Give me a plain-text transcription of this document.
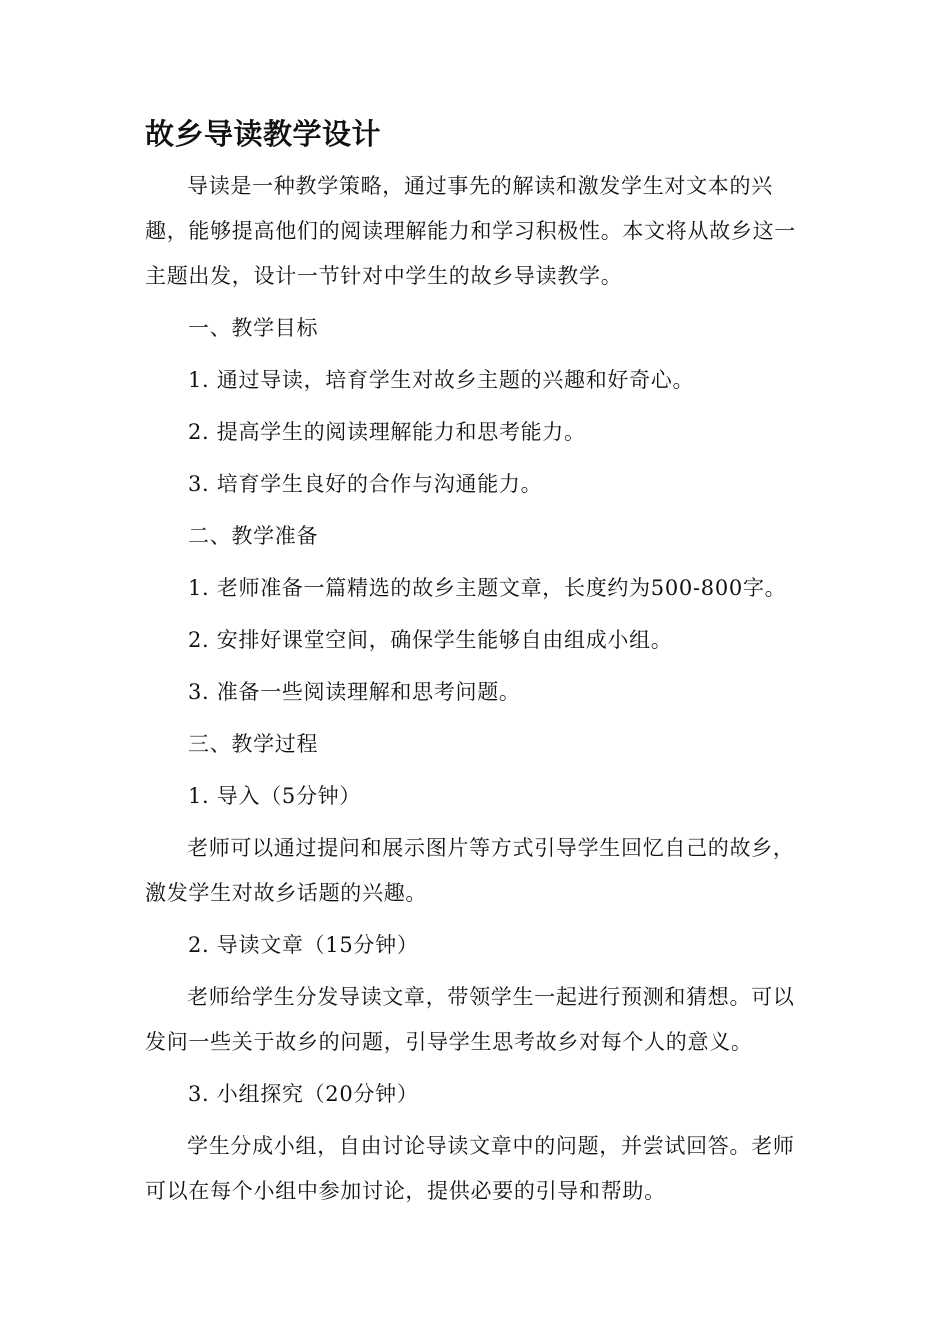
故乡导读教学设计

导读是一种教学策略，通过事先的解读和激发学生对文本的兴趣，能够提高他们的阅读理解能力和学习积极性。本文将从故乡这一主题出发，设计一节针对中学生的故乡导读教学。

一、教学目标
1. 通过导读，培育学生对故乡主题的兴趣和好奇心。
2. 提高学生的阅读理解能力和思考能力。
3. 培育学生良好的合作与沟通能力。
二、教学准备
1. 老师准备一篇精选的故乡主题文章，长度约为500-800字。
2. 安排好课堂空间，确保学生能够自由组成小组。
3. 准备一些阅读理解和思考问题。
三、教学过程
1. 导入（5分钟）

老师可以通过提问和展示图片等方式引导学生回忆自己的故乡，激发学生对故乡话题的兴趣。

2. 导读文章（15分钟）

老师给学生分发导读文章，带领学生一起进行预测和猜想。可以发问一些关于故乡的问题，引导学生思考故乡对每个人的意义。

3. 小组探究（20分钟）

学生分成小组，自由讨论导读文章中的问题，并尝试回答。老师可以在每个小组中参加讨论，提供必要的引导和帮助。
